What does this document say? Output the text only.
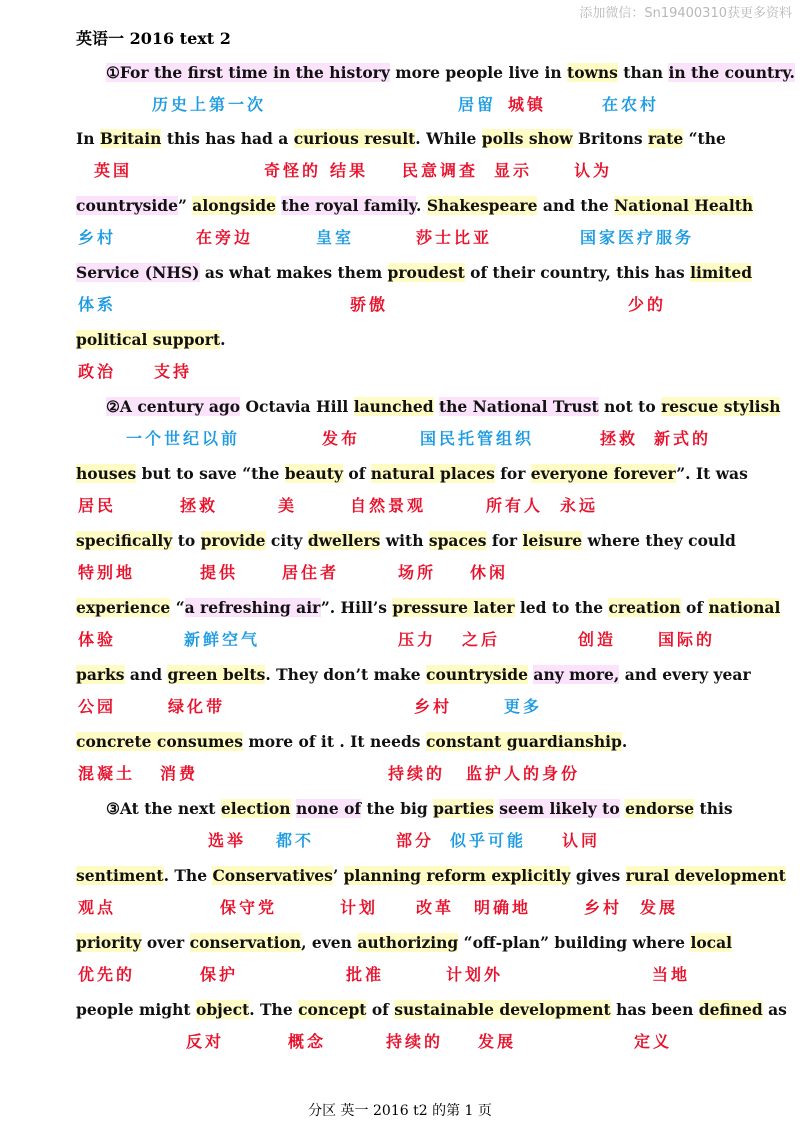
添加微信：Sn19400310获更多资料
英语一 2016 text 2
①For the first time in the history more people live in towns than in the country.
In Britain this has had a curious result. While polls show Britons rate “the
countryside” alongside the royal family. Shakespeare and the National Health
Service (NHS) as what makes them proudest of their country, this has limited
political support.
②A century ago Octavia Hill launched the National Trust not to rescue stylish
houses but to save “the beauty of natural places for everyone forever”. It was
specifically to provide city dwellers with spaces for leisure where they could
experience “a refreshing air”. Hill’s pressure later led to the creation of national
parks and green belts. They don’t make countryside any more, and every year
concrete consumes more of it . It needs constant guardianship.
③At the next election none of the big parties seem likely to endorse this
sentiment. The Conservatives’ planning reform explicitly gives rural development
priority over conservation, even authorizing “off-plan” building where local
people might object. The concept of sustainable development has been defined as
历史上第一次	居留 城镇	在农村
英国	奇怪的 结果 民意调查 显示	认为
乡村	在旁边	皇室	莎士比亚	国家医疗服务
体系	骄傲	少的
政治 支持
一个世纪以前	发布	国民托管组织	拯救 新式的
居民	拯救	美	自然景观	所有人 永远
特别地	提供	居住者	场所 休闲
体验	新鲜空气	压力 之后	创造	国际的
公园	绿化带	乡村	更多
混凝土 消费	持续的 监护人的身份
选举 都不	部分 似乎可能 认同
观点	保守党	计划 改革 明确地	乡村 发展
优先的	保护	批准	计划外	当地
反对	概念	持续的 发展	定义
分区 英一 2016 t2 的第 1 页
